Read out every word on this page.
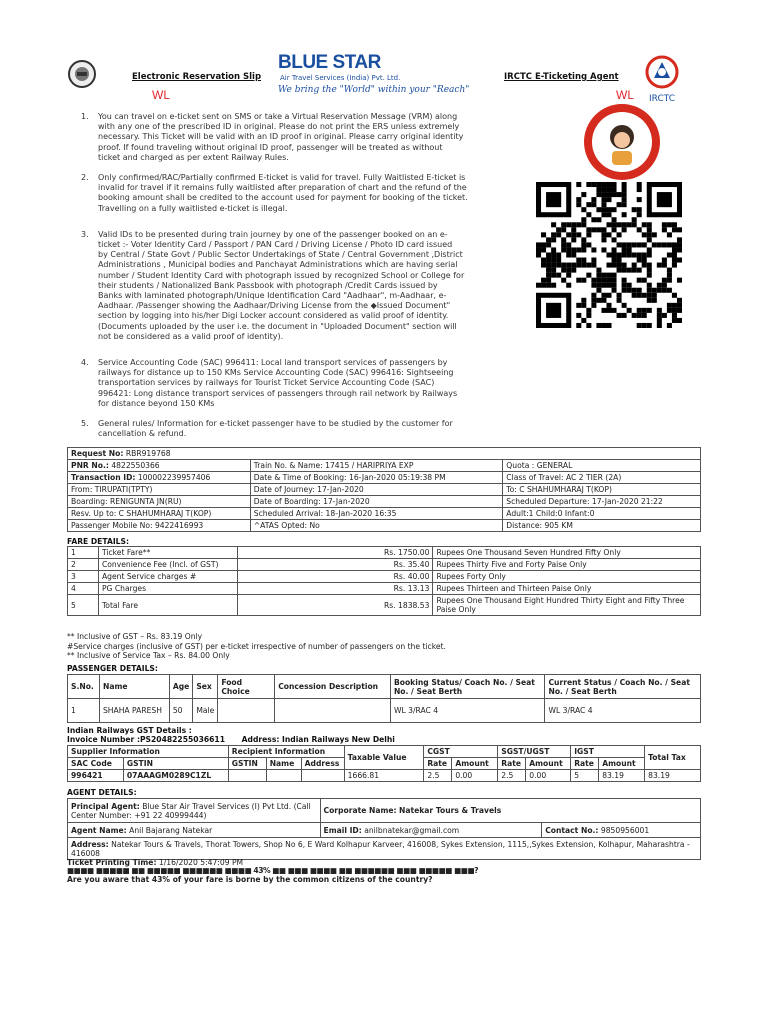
Electronic Reservation Slip
WL
BLUE STAR
Air Travel Services (India) Pvt. Ltd.
We bring the "World" within your "Reach"
IRCTC E-Ticketing Agent
WL	IRCTC
1. You can travel on e-ticket sent on SMS or take a Virtual Reservation Message (VRM) along
with any one of the prescribed ID in original. Please do not print the ERS unless extremely
necessary. This Ticket will be valid with an ID proof in original. Please carry original identity
proof. If found traveling without original ID proof, passenger will be treated as without
ticket and charged as per extent Railway Rules.
2. Only confirmed/RAC/Partially confirmed E-ticket is valid for travel. Fully Waitlisted E-ticket is
invalid for travel if it remains fully waitlisted after preparation of chart and the refund of the
booking amount shall be credited to the account used for payment for booking of the ticket.
Travelling on a fully waitlisted e-ticket is illegal.
3. Valid IDs to be presented during train journey by one of the passenger booked on an e-
ticket :- Voter Identity Card / Passport / PAN Card / Driving License / Photo ID card issued
by Central / State Govt / Public Sector Undertakings of State / Central Government ,District
Administrations , Municipal bodies and Panchayat Administrations which are having serial
number / Student Identity Card with photograph issued by recognized School or College for
their students / Nationalized Bank Passbook with photograph /Credit Cards issued by
Banks with laminated photograph/Unique Identification Card "Aadhaar", m-Aadhaar, e-
Aadhaar. /Passenger showing the Aadhaar/Driving License from the ◆Issued Document"
section by logging into his/her Digi Locker account considered as valid proof of identity.
(Documents uploaded by the user i.e. the document in "Uploaded Document" section will
not be considered as a valid proof of identity).
4. Service Accounting Code (SAC) 996411: Local land transport services of passengers by
railways for distance up to 150 KMs Service Accounting Code (SAC) 996416: Sightseeing
transportation services by railways for Tourist Ticket Service Accounting Code (SAC)
996421: Long distance transport services of passengers through rail network by Railways
for distance beyond 150 KMs
5. General rules/ Information for e-ticket passenger have to be studied by the customer for
cancellation & refund.
Request No: RBR919768		
PNR No.: 4822550366	Train No. & Name: 17415 / HARIPRIYA EXP	Quota : GENERAL
Transaction ID: 100002239957406	Date & Time of Booking: 16-Jan-2020 05:19:38 PM	Class of Travel: AC 2 TIER (2A)
From: TIRUPATI(TPTY)	Date of Journey: 17-Jan-2020	To: C SHAHUMHARAJ T(KOP)
Boarding: RENIGUNTA JN(RU)	Date of Boarding: 17-Jan-2020	Scheduled Departure: 17-Jan-2020 21:22
Resv. Up to: C SHAHUMHARAJ T(KOP)	Scheduled Arrival: 18-Jan-2020 16:35	Adult:1 Child:0 Infant:0
Passenger Mobile No: 9422416993	^ATAS Opted: No	Distance: 905 KM
FARE DETAILS:
1	Ticket Fare**	Rs. 1750.00	Rupees One Thousand Seven Hundred Fifty Only
2	Convenience Fee (Incl. of GST)	Rs. 35.40	Rupees Thirty Five and Forty Paise Only
3	Agent Service charges #	Rs. 40.00	Rupees Forty Only
4	PG Charges	Rs. 13.13	Rupees Thirteen and Thirteen Paise Only
5	Total Fare	Rs. 1838.53	Rupees One Thousand Eight Hundred Thirty Eight and Fifty Three Paise Only
** Inclusive of GST – Rs. 83.19 Only
#Service charges (inclusive of GST) per e-ticket irrespective of number of passengers on the ticket.
** Inclusive of Service Tax – Rs. 84.00 Only
PASSENGER DETAILS:
S.No.	Name	Age	Sex	Food Choice	Concession Description	Booking Status/ Coach No. / Seat No. / Seat Berth	Current Status / Coach No. / Seat No. / Seat Berth
1	SHAHA PARESH	50	Male			WL 3/RAC 4	WL 3/RAC 4
Indian Railways GST Details :
Invoice Number :PS20482255036611 Address: Indian Railways New Delhi
Supplier Information		Recipient Information			Taxable Value	CGST		SGST/UGST		IGST		Total Tax
SAC Code	GSTIN	GSTIN	Name	Address		Rate	Amount	Rate	Amount	Rate	Amount	
996421	07AAAGM0289C1ZL				1666.81	2.5	0.00	2.5	0.00	5	83.19	83.19
AGENT DETAILS:
Principal Agent: Blue Star Air Travel Services (I) Pvt Ltd. (Call Center Number: +91 22 40999444)	Corporate Name: Natekar Tours & Travels	
Agent Name: Anil Bajarang Natekar	Email ID: anilbnatekar@gmail.com	Contact No.: 9850956001
Address: Natekar Tours & Travels, Thorat Towers, Shop No 6, E Ward Kolhapur Karveer, 416008, Sykes Extension, 1115,,Sykes Extension, Kolhapur, Maharashtra - 416008		
Ticket Printing Time: 1/16/2020 5:47:09 PM
■■■■ ■■■■■ ■■ ■■■■■ ■■■■■■ ■■■■ 43% ■■ ■■■ ■■■■ ■■ ■■■■■■ ■■■ ■■■■■ ■■■?
Are you aware that 43% of your fare is borne by the common citizens of the country?
